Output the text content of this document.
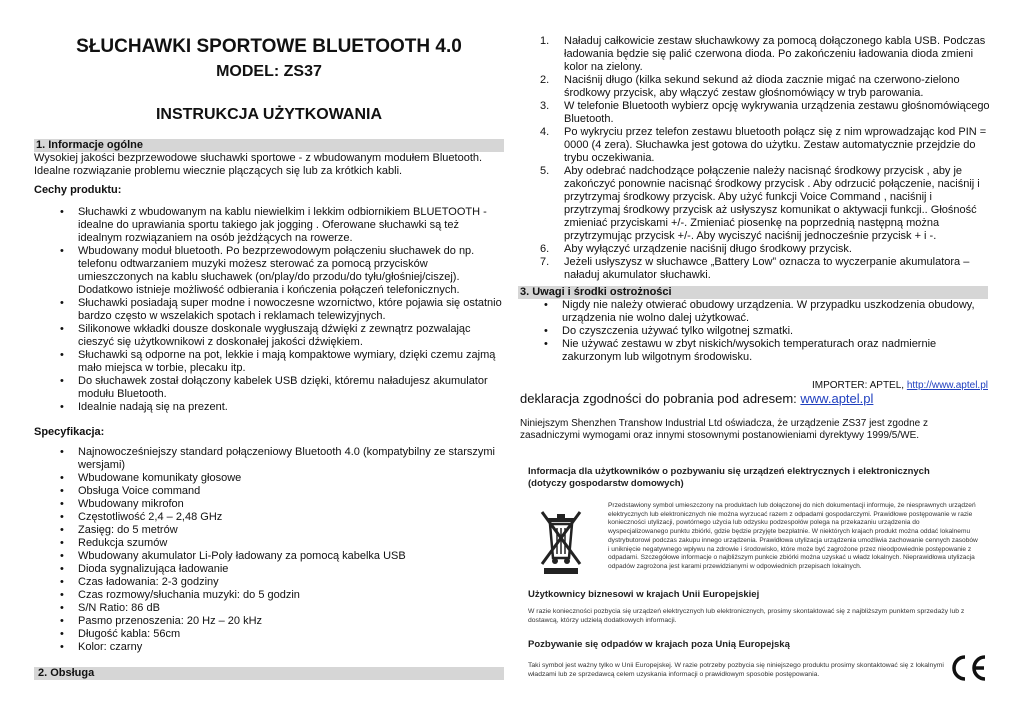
SŁUCHAWKI SPORTOWE BLUETOOTH 4.0
MODEL: ZS37
INSTRUKCJA UŻYTKOWANIA
1. Informacje ogólne
Wysokiej jakości bezprzewodowe słuchawki sportowe - z wbudowanym modułem Bluetooth. Idealne rozwiązanie problemu wiecznie plączących się lub za krótkich kabli.
Cechy produktu:
• Słuchawki z wbudowanym na kablu niewielkim i lekkim odbiornikiem BLUETOOTH - idealne do uprawiania sportu takiego jak jogging . Oferowane słuchawki są też idealnym rozwiązaniem na osób jeżdżących na rowerze.
• Wbudowany moduł bluetooth. Po bezprzewodowym połączeniu słuchawek do np. telefonu odtwarzaniem muzyki możesz sterować za pomocą przycisków umieszczonych na kablu słuchawek (on/play/do przodu/do tyłu/głośniej/ciszej). Dodatkowo istnieje możliwość odbierania i kończenia połączeń telefonicznych.
• Słuchawki posiadają super modne i nowoczesne wzornictwo, które pojawia się ostatnio bardzo często w wszelakich spotach i reklamach telewizyjnych.
• Silikonowe wkładki dousze doskonale wygłuszają dźwięki z zewnątrz pozwalając cieszyć się użytkownikowi z doskonałej jakości dźwiękiem.
• Słuchawki są odporne na pot, lekkie i mają kompaktowe wymiary, dzięki czemu zajmą mało miejsca w torbie, plecaku itp.
• Do słuchawek został dołączony kabelek USB dzięki, któremu naładujesz akumulator modułu Bluetooth.
• Idealnie nadają się na prezent.
Specyfikacja:
• Najnowocześniejszy standard połączeniowy Bluetooth 4.0 (kompatybilny ze starszymi wersjami)
• Wbudowane komunikaty głosowe
• Obsługa Voice command
• Wbudowany mikrofon
• Częstotliwość 2,4 – 2,48 GHz
• Zasięg: do 5 metrów
• Redukcja szumów
• Wbudowany akumulator Li-Poly ładowany za pomocą kabelka USB
• Dioda sygnalizująca ładowanie
• Czas ładowania: 2-3 godziny
• Czas rozmowy/słuchania muzyki: do 5 godzin
• S/N Ratio: 86 dB
• Pasmo przenoszenia: 20 Hz – 20 kHz
• Długość kabla: 56cm
• Kolor: czarny
2. Obsługa
1. Naładuj całkowicie zestaw słuchawkowy za pomocą dołączonego kabla USB. Podczas ładowania będzie się palić czerwona dioda. Po zakończeniu ładowania dioda zmieni kolor na zielony.
2. Naciśnij długo (kilka sekund sekund aż dioda zacznie migać na czerwono-zielono środkowy przycisk, aby włączyć zestaw głośnomówiący w tryb parowania.
3. W telefonie Bluetooth wybierz opcję wykrywania urządzenia zestawu głośnomówiącego Bluetooth.
4. Po wykryciu przez telefon zestawu bluetooth połącz się z nim wprowadzając kod PIN = 0000 (4 zera). Słuchawka jest gotowa do użytku. Zestaw automatycznie przejdzie do trybu oczekiwania.
5. Aby odebrać nadchodzące połączenie należy nacisnąć środkowy przycisk , aby je zakończyć ponownie nacisnąć środkowy przycisk . Aby odrzucić połączenie, naciśnij i przytrzymaj środkowy przycisk. Aby użyć funkcji Voice Command , naciśnij i przytrzymaj środkowy przycisk aż usłyszysz komunikat o aktywacji funkcji.. Głośność zmieniać przyciskami +/-. Zmieniać piosenkę na poprzednią następną można przytrzymując przycisk +/-. Aby wyciszyć naciśnij jednocześnie przycisk + i -.
6. Aby wyłączyć urządzenie naciśnij długo środkowy przycisk.
7. Jeżeli usłyszysz w słuchawce „Battery Low” oznacza to wyczerpanie akumulatora – naładuj akumulator słuchawki.
3. Uwagi i środki ostrożności
• Nigdy nie należy otwierać obudowy urządzenia. W przypadku uszkodzenia obudowy, urządzenia nie wolno dalej użytkować.
• Do czyszczenia używać tylko wilgotnej szmatki.
• Nie używać zestawu w zbyt niskich/wysokich temperaturach oraz nadmiernie zakurzonym lub wilgotnym środowisku.
IMPORTER: APTEL, http://www.aptel.pl
deklaracja zgodności do pobrania pod adresem: www.aptel.pl
Niniejszym Shenzhen Transhow Industrial Ltd oświadcza, że urządzenie ZS37 jest zgodne z zasadniczymi wymogami oraz innymi stosownymi postanowieniami dyrektywy 1999/5/WE.
Informacja dla użytkowników o pozbywaniu się urządzeń elektrycznych i elektronicznych (dotyczy gospodarstw domowych)
Przedstawiony symbol umieszczony na produktach lub dołączonej do nich dokumentacji informuje, że niesprawnych urządzeń elektrycznych lub elektronicznych nie można wyrzucać razem z odpadami gospodarczymi. Prawidłowe postępowanie w razie konieczności utylizacji, powtórnego użycia lub odzysku podzespołów polega na przekazaniu urządzenia do wyspecjalizowanego punktu zbiórki, gdzie będzie przyjęte bezpłatnie. W niektórych krajach produkt można oddać lokalnemu dystrybutorowi podczas zakupu innego urządzenia. Prawidłowa utylizacja urządzenia umożliwia zachowanie cennych zasobów i uniknięcie negatywnego wpływu na zdrowie i środowisko, które może być zagrożone przez nieodpowiednie postępowanie z odpadami. Szczegółowe informacje o najbliższym punkcie zbiórki można uzyskać u władz lokalnych. Nieprawidłowa utylizacja odpadów zagrożona jest karami przewidzianymi w odpowiednich przepisach lokalnych.
Użytkownicy biznesowi w krajach Unii Europejskiej
W razie konieczności pozbycia się urządzeń elektrycznych lub elektronicznych, prosimy skontaktować się z najbliższym punktem sprzedaży lub z dostawcą, którzy udzielą dodatkowych informacji.
Pozbywanie się odpadów w krajach poza Unią Europejską
Taki symbol jest ważny tylko w Unii Europejskej. W razie potrzeby pozbycia się niniejszego produktu prosimy skontaktować się z lokalnymi władzami lub ze sprzedawcą celem uzyskania informacji o prawidłowym sposobie postępowania.
